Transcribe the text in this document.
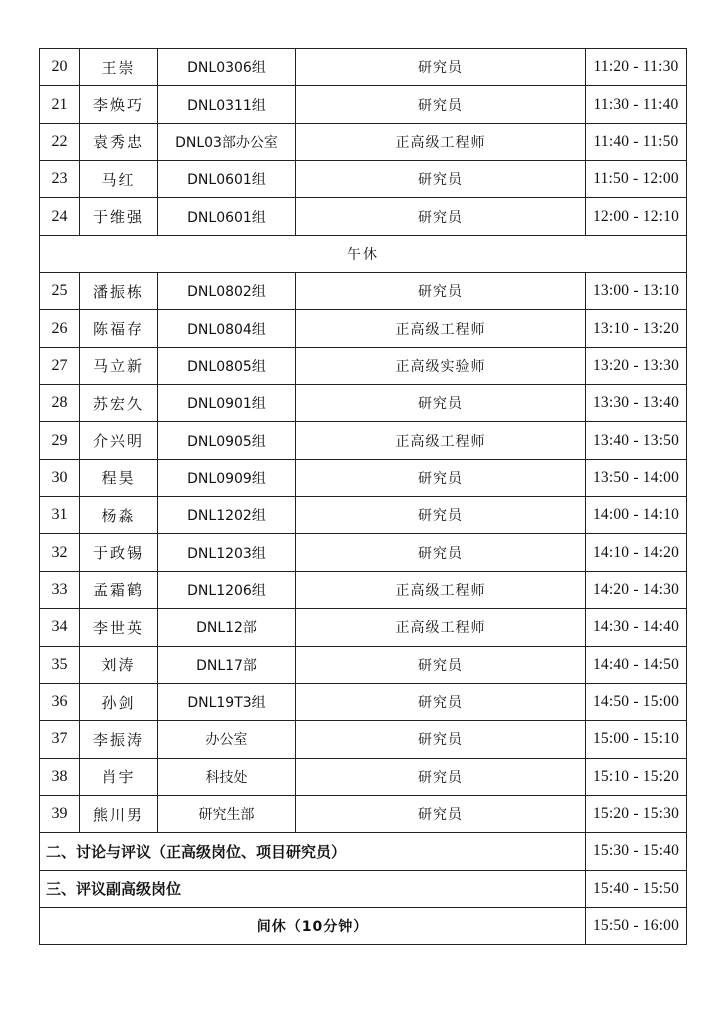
20	王崇	DNL0306组	研究员	11:20 - 11:30
21	李焕巧	DNL0311组	研究员	11:30 - 11:40
22	袁秀忠	DNL03部办公室	正高级工程师	11:40 - 11:50
23	马红	DNL0601组	研究员	11:50 - 12:00
24	于维强	DNL0601组	研究员	12:00 - 12:10
午休				
25	潘振栋	DNL0802组	研究员	13:00 - 13:10
26	陈福存	DNL0804组	正高级工程师	13:10 - 13:20
27	马立新	DNL0805组	正高级实验师	13:20 - 13:30
28	苏宏久	DNL0901组	研究员	13:30 - 13:40
29	介兴明	DNL0905组	正高级工程师	13:40 - 13:50
30	程昊	DNL0909组	研究员	13:50 - 14:00
31	杨淼	DNL1202组	研究员	14:00 - 14:10
32	于政锡	DNL1203组	研究员	14:10 - 14:20
33	孟霜鹤	DNL1206组	正高级工程师	14:20 - 14:30
34	李世英	DNL12部	正高级工程师	14:30 - 14:40
35	刘涛	DNL17部	研究员	14:40 - 14:50
36	孙剑	DNL19T3组	研究员	14:50 - 15:00
37	李振涛	办公室	研究员	15:00 - 15:10
38	肖宇	科技处	研究员	15:10 - 15:20
39	熊川男	研究生部	研究员	15:20 - 15:30
二、讨论与评议（正高级岗位、项目研究员）				15:30 - 15:40
三、评议副高级岗位				15:40 - 15:50
间休（10分钟）				15:50 - 16:00
